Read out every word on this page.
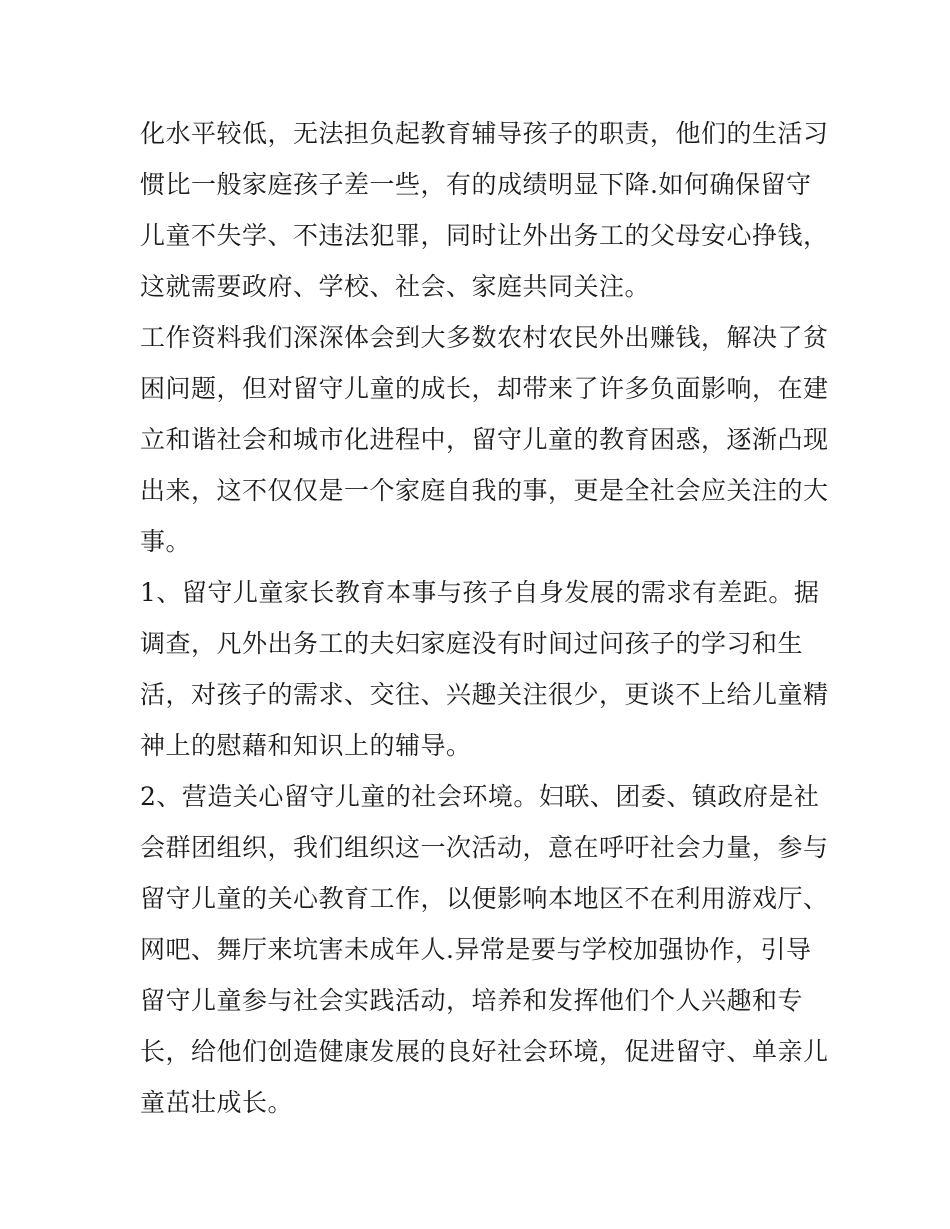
化水平较低，无法担负起教育辅导孩子的职责，他们的生活习
惯比一般家庭孩子差一些，有的成绩明显下降.如何确保留守
儿童不失学、不违法犯罪，同时让外出务工的父母安心挣钱，
这就需要政府、学校、社会、家庭共同关注。
工作资料我们深深体会到大多数农村农民外出赚钱，解决了贫
困问题，但对留守儿童的成长，却带来了许多负面影响，在建
立和谐社会和城市化进程中，留守儿童的教育困惑，逐渐凸现
出来，这不仅仅是一个家庭自我的事，更是全社会应关注的大
事。
1、留守儿童家长教育本事与孩子自身发展的需求有差距。据
调查，凡外出务工的夫妇家庭没有时间过问孩子的学习和生
活，对孩子的需求、交往、兴趣关注很少，更谈不上给儿童精
神上的慰藉和知识上的辅导。
2、营造关心留守儿童的社会环境。妇联、团委、镇政府是社
会群团组织，我们组织这一次活动，意在呼吁社会力量，参与
留守儿童的关心教育工作，以便影响本地区不在利用游戏厅、
网吧、舞厅来坑害未成年人.异常是要与学校加强协作，引导
留守儿童参与社会实践活动，培养和发挥他们个人兴趣和专
长，给他们创造健康发展的良好社会环境，促进留守、单亲儿
童茁壮成长。
